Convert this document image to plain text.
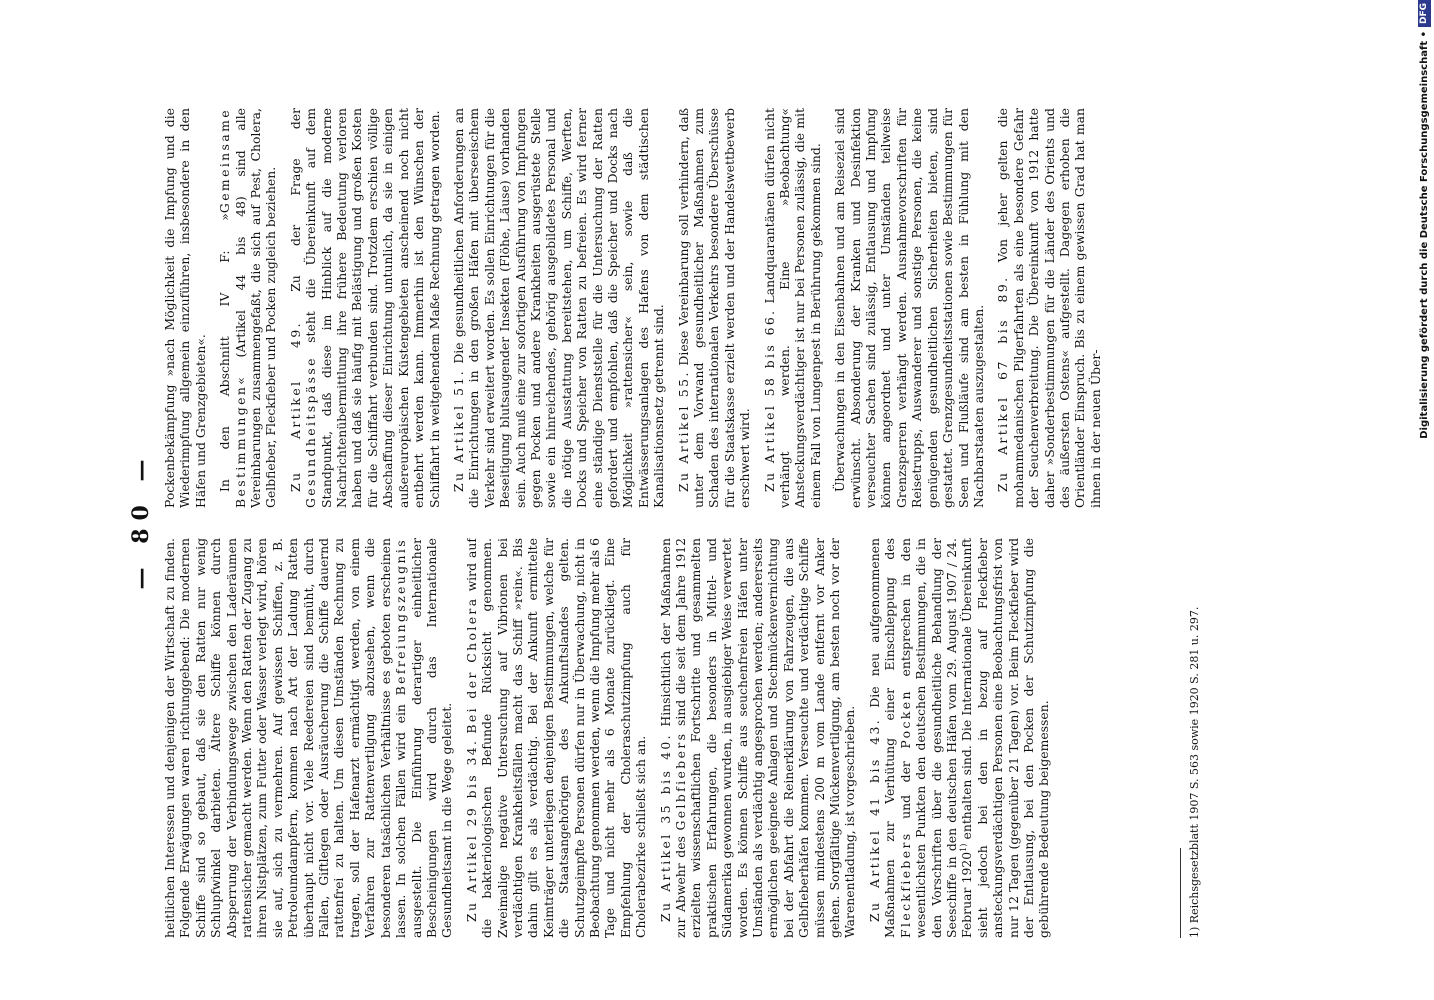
— 80 —

heitlichen Interessen und denjenigen der Wirtschaft zu finden. Folgende Erwägungen waren richtunggebend: Die modernen Schiffe sind so gebaut, daß sie den Ratten nur wenig Schlupfwinkel darbieten. Ältere Schiffe können durch Absperrung der Verbindungswege zwischen den Laderäumen rattensicher gemacht werden. Wenn den Ratten der Zugang zu ihren Nistplätzen, zum Futter oder Wasser verlegt wird, hören sie auf, sich zu vermehren. Auf gewissen Schiffen, z. B. Petroleumdampfern, kommen nach Art der Ladung Ratten überhaupt nicht vor. Viele Reedereien sind bemüht, durch Fallen, Giftlegen oder Ausräucherung die Schiffe dauernd rattenfrei zu halten. Um diesen Umständen Rechnung zu tragen, soll der Hafenarzt ermächtigt werden, von einem Verfahren zur Rattenvertilgung abzusehen, wenn die besonderen tatsächlichen Verhältnisse es geboten erscheinen lassen. In solchen Fällen wird ein Befreiungszeugnis ausgestellt. Die Einführung derartiger einheitlicher Bescheinigungen wird durch das Internationale Gesundheitsamt in die Wege geleitet. Zu Artikel 29 bis 34. Bei der Cholera wird auf die bakteriologischen Befunde Rücksicht genommen. Zweimalige negative Untersuchung auf Vibrionen bei verdächtigen Krankheitsfällen macht das Schiff »rein«. Bis dahin gilt es als verdächtig. Bei der Ankunft ermittelte Keimträger unterliegen denjenigen Bestimmungen, welche für die Staatsangehörigen des Ankunftslandes gelten. Schutzgeimpfte Personen dürfen nur in Überwachung, nicht in Beobachtung genommen werden, wenn die Impfung mehr als 6 Tage und nicht mehr als 6 Monate zurückliegt. Eine Empfehlung der Choleraschutzimpfung auch für Cholerabezirke schließt sich an. Zu Artikel 35 bis 40. Hinsichtlich der Maßnahmen zur Abwehr des Gelbfiebers sind die seit dem Jahre 1912 erzielten wissenschaftlichen Fortschritte und gesammelten praktischen Erfahrungen, die besonders in Mittel- und Südamerika gewonnen wurden, in ausgiebiger Weise verwertet worden. Es können Schiffe aus seuchenfreien Häfen unter Umständen als verdächtig angesprochen werden; andererseits ermöglichen geeignete Anlagen und Stechmückenvernichtung bei der Abfahrt die Reinerklärung von Fahrzeugen, die aus Gelbfieberhäfen kommen. Verseuchte und verdächtige Schiffe müssen mindestens 200 m vom Lande entfernt vor Anker gehen. Sorgfältige Mückenvertilgung, am besten noch vor der Warenentladung, ist vorgeschrieben. Zu Artikel 41 bis 43. Die neu aufgenommenen Maßnahmen zur Verhütung einer Einschleppung des Fleckfiebers und der Pocken entsprechen in den wesentlichsten Punkten den deutschen Bestimmungen, die in den Vorschriften über die gesundheitliche Behandlung der Seeschiffe in den deutschen Häfen vom 29. August 1907 / 24. Februar 1920$^{1)}$ enthalten sind. Die Internationale Übereinkunft sieht jedoch bei den in bezug auf Fleckfieber ansteckungsverdächtigen Personen eine Beobachtungsfrist von nur 12 Tagen (gegenüber 21 Tagen) vor. Beim Fleckfieber wird der Entlausung, bei den Pocken der Schutzimpfung die gebührende Bedeutung beigemessen.	1) Reichsgesetzblatt 1907 S. 563 sowie 1920 S. 281 u. 297.

Pockenbekämpfung »nach Möglichkeit die Impfung und die Wiederimpfung allgemein einzuführen, insbesondere in den Häfen und Grenzgebieten«. In den Abschnitt IV F: »Gemeinsame Bestimmungen« (Artikel 44 bis 48) sind alle Vereinbarungen zusammengefaßt, die sich auf Pest, Cholera, Gelbfieber, Fleckfieber und Pocken zugleich beziehen. Zu Artikel 49. Zu der Frage der Gesundheitspässe steht die Übereinkunft auf dem Standpunkt, daß diese im Hinblick auf die moderne Nachrichtenübermittlung ihre frühere Bedeutung verloren haben und daß sie häufig mit Belästigung und großen Kosten für die Schiffahrt verbunden sind. Trotzdem erschien völlige Abschaffung dieser Einrichtung untunlich, da sie in einigen außereuropäischen Küstengebieten anscheinend noch nicht entbehrt werden kann. Immerhin ist den Wünschen der Schiffahrt in weitgehendem Maße Rechnung getragen worden. Zu Artikel 51. Die gesundheitlichen Anforderungen an die Einrichtungen in den großen Häfen mit überseeischem Verkehr sind erweitert worden. Es sollen Einrichtungen für die Beseitigung blutsaugender Insekten (Flöhe, Läuse) vorhanden sein. Auch muß eine zur sofortigen Ausführung von Impfungen gegen Pocken und andere Krankheiten ausgerüstete Stelle sowie ein hinreichendes, gehörig ausgebildetes Personal und die nötige Ausstattung bereitstehen, um Schiffe, Werften, Docks und Speicher von Ratten zu befreien. Es wird ferner eine ständige Dienststelle für die Untersuchung der Ratten gefordert und empfohlen, daß die Speicher und Docks nach Möglichkeit »rattensicher« sein, sowie daß die Entwässerungsanlagen des Hafens von dem städtischen Kanalisationsnetz getrennt sind. Zu Artikel 55. Diese Vereinbarung soll verhindern, daß unter dem Vorwand gesundheitlicher Maßnahmen zum Schaden des internationalen Verkehrs besondere Überschüsse für die Staatskasse erzielt werden und der Handelswettbewerb erschwert wird. Zu Artikel 58 bis 66. Landquarantänen dürfen nicht verhängt werden. Eine »Beobachtung« Ansteckungsverdächtiger ist nur bei Personen zulässig, die mit einem Fall von Lungenpest in Berührung gekommen sind. Überwachungen in den Eisenbahnen und am Reiseziel sind erwünscht. Absonderung der Kranken und Desinfektion verseuchter Sachen sind zulässig, Entlausung und Impfung können angeordnet und unter Umständen teilweise Grenzsperren verhängt werden. Ausnahmevorschriften für Reisetrupps, Auswanderer und sonstige Personen, die keine genügenden gesundheitlichen Sicherheiten bieten, sind gestattet. Grenzgesundheitsstationen sowie Bestimmungen für Seen und Flußläufe sind am besten in Fühlung mit den Nachbarstaaten auszugestalten. Zu Artikel 67 bis 89. Von jeher gelten die mohammedanischen Pilgerfahrten als eine besondere Gefahr der Seuchenverbreitung. Die Übereinkunft von 1912 hatte daher »Sonderbestimmungen für die Länder des Orients und des äußersten Ostens« aufgestellt. Dagegen erhoben die Orientländer Einspruch. Bis zu einem gewissen Grad hat man ihnen in der neuen Über-	Digitalisierung gefördert durch die Deutsche Forschungsgemeinschaft •
DFG
